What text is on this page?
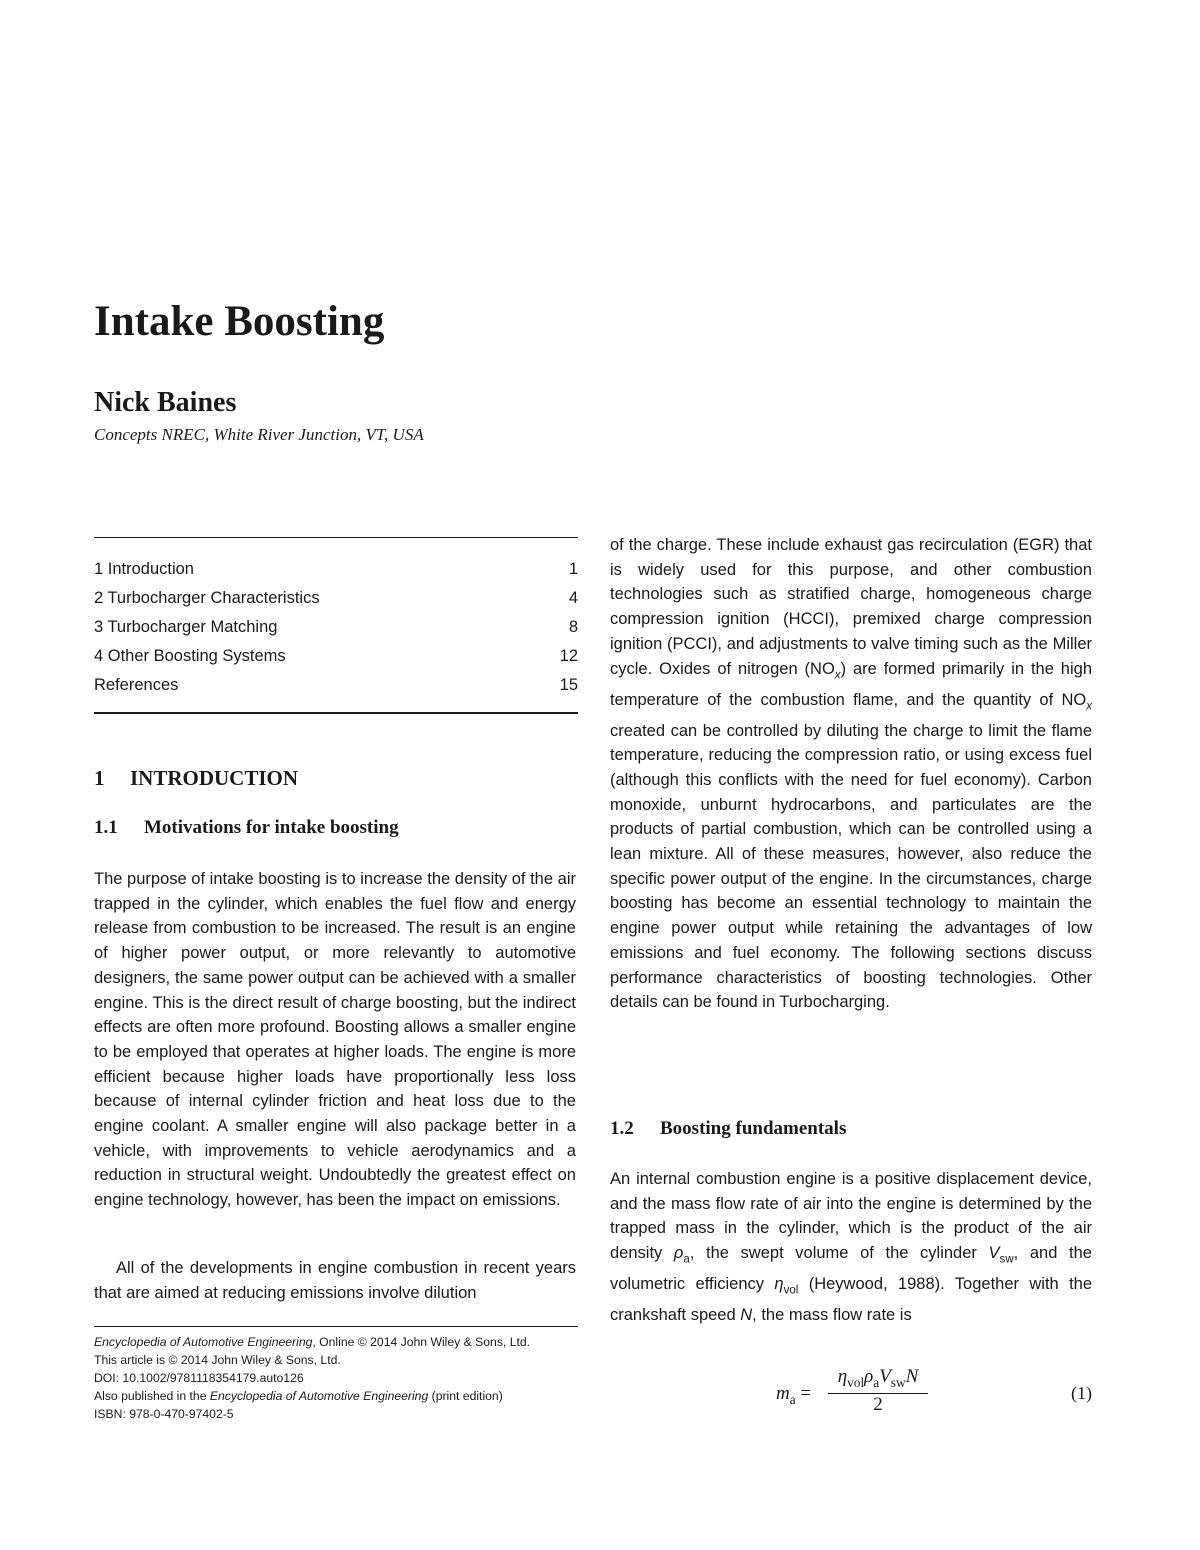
Intake Boosting
Nick Baines
Concepts NREC, White River Junction, VT, USA
1 Introduction	1
2 Turbocharger Characteristics	4
3 Turbocharger Matching	8
4 Other Boosting Systems	12
References	15
1 INTRODUCTION
1.1 Motivations for intake boosting

The purpose of intake boosting is to increase the density of the air trapped in the cylinder, which enables the fuel flow and energy release from combustion to be increased. The result is an engine of higher power output, or more relevantly to automotive designers, the same power output can be achieved with a smaller engine. This is the direct result of charge boosting, but the indirect effects are often more profound. Boosting allows a smaller engine to be employed that operates at higher loads. The engine is more efficient because higher loads have proportionally less loss because of internal cylinder friction and heat loss due to the engine coolant. A smaller engine will also package better in a vehicle, with improvements to vehicle aerodynamics and a reduction in structural weight. Undoubtedly the greatest effect on engine technology, however, has been the impact on emissions.

All of the developments in engine combustion in recent years that are aimed at reducing emissions involve dilution

Encyclopedia of Automotive Engineering, Online © 2014 John Wiley & Sons, Ltd.
This article is © 2014 John Wiley & Sons, Ltd.
DOI: 10.1002/9781118354179.auto126
Also published in the Encyclopedia of Automotive Engineering (print edition)
ISBN: 978-0-470-97402-5

of the charge. These include exhaust gas recirculation (EGR) that is widely used for this purpose, and other combustion technologies such as stratified charge, homogeneous charge compression ignition (HCCI), premixed charge compression ignition (PCCI), and adjustments to valve timing such as the Miller cycle. Oxides of nitrogen $(NO_x)$ are formed primarily in the high temperature of the combustion flame, and the quantity of $NO_x$ created can be controlled by diluting the charge to limit the flame temperature, reducing the compression ratio, or using excess fuel (although this conflicts with the need for fuel economy). Carbon monoxide, unburnt hydrocarbons, and particulates are the products of partial combustion, which can be controlled using a lean mixture. All of these measures, however, also reduce the specific power output of the engine. In the circumstances, charge boosting has become an essential technology to maintain the engine power output while retaining the advantages of low emissions and fuel economy. The following sections discuss performance characteristics of boosting technologies. Other details can be found in Turbocharging.

1.2 Boosting fundamentals

An internal combustion engine is a positive displacement device, and the mass flow rate of air into the engine is determined by the trapped mass in the cylinder, which is the product of the air density $\rho_a$, the swept volume of the cylinder $V_{sw}$, and the volumetric efficiency $\eta_{vol}$ (Heywood, 1988). Together with the crankshaft speed N, the mass flow rate is

$m_a$ =
$\eta_{vol}\rho_aV_{sw}N$
2
(1)
